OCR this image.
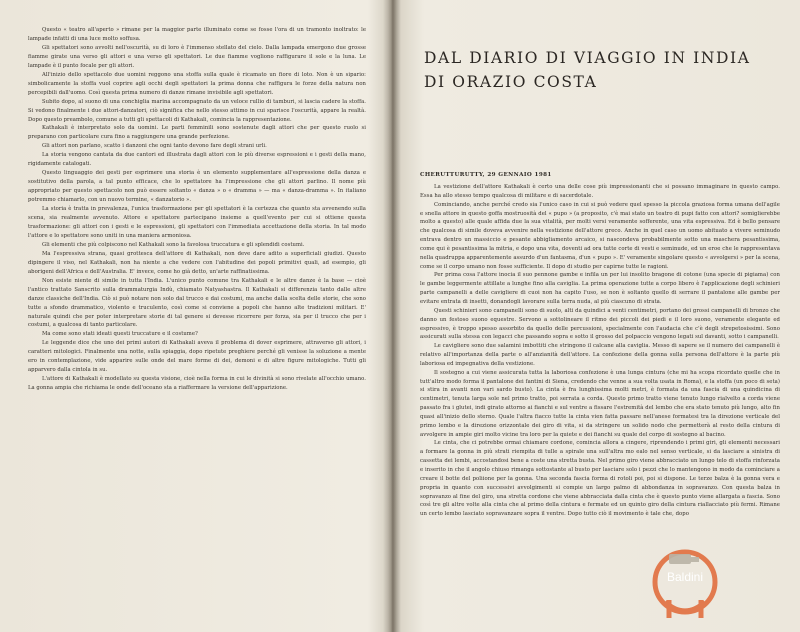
Questo « teatro all'aperto » rimane per la maggior parte illuminato come se fosse l'ora di un tramonto inoltrato: le lampade infatti di una luce molto soffusa.

Gli spettatori sono avvolti nell'oscurità, su di loro è l'immenso stellato del cielo. Dalla lampada emergono due grosse fiamme girate una verso gli attori e una verso gli spettatori. Le due fiamme vogliono raffigurare il sole e la luna. Le lampade è il punto focale per gli attori.

All'inizio dello spettacolo due uomini reggono una stoffa sulla quale è ricamato un fiore di loto. Non è un sipario: simbolicamente la stoffa vuol coprire agli occhi degli spettatori la prima donna che raffigura le forze della natura non percepibili dall'uomo. Così questa prima numero di danze rimane invisibile agli spettatori.

Subito dopo, al suono di una conchiglia marina accompagnato da un veloce rullio di tamburi, si lascia cadere la stoffa. Si vedono finalmente i due attori-danzatori, ciò significa che nello stesso attimo in cui sparisce l'oscurità, appare la realtà. Dopo questo preambolo, comune a tutti gli spettacoli di Kathakali, comincia la rappresentazione.

Kathakali è interpretato solo da uomini. Le parti femminili sono sostenute dagli attori che per questo ruolo si preparano con particolare cura fino a raggiungere una grande perfezione.

Gli attori non parlano, scatto i danzoni che ogni tanto devono fare degli strani urli.

La storia vengono cantata da due cantori ed illustrata dagli attori con le più diverse espressioni e i gesti della mano, rigidamente catalogati.

Questo linguaggio dei gesti per esprimere una storia è un elemento supplementare all'espressione della danza e sostitutivo della parola, a tal punto efficace, che lo spettatore ha l'impressione che gli attori parlino. Il nome più appropriato per questo spettacolo non può essere soltanto « danza » o « dramma » — ma « danza-dramma ». In italiano potremmo chiamarlo, con un nuovo termine, « danzatorio ».

La storia è tratta in prevalenza, l'unica trasformazione per gli spettatori è la certezza che quanto sta avvenendo sulla scena, sia realmente avvenuto. Attore e spettatore partecipano insieme a quell'evento per cui si ottiene questa trasformazione: gli attori con i gesti e le espressioni, gli spettatori con l'immediata accettazione della storia. In tal modo l'attore e lo spettatore sono uniti in una maniera armoniosa.

Gli elementi che più colpiscono nel Kathakali sono la favolosa truccatura e gli splendidi costumi.

Ma l'espressiva strana, quasi grottesca dell'attore di Kathakali, non deve dare adito a superficiali giudizi. Questo dipingere il viso, nel Kathakali, non ha niente a che vedere con l'abitudine dei popoli primitivi quali, ad esempio, gli aborigeni dell'Africa e dell'Australia. E' invece, come ho già detto, un'arte raffinatissima.

Non esiste niente di simile in tutta l'India. L'unico punto comune tra Kathakali e le altre danze è la base — cioè l'antico trattato Sanscrito sulla drammaturgia Indù, chiamato Natyashastra. Il Kathakali si differenzia tanto dalle altre danze classiche dell'India. Ciò si può notare non solo dal trucco e dai costumi, ma anche dalla scelta delle storie, che sono tutte a sfondo drammatico, violento e truculento, così come si conviene a popoli che hanno alte tradizioni militari. E' naturale quindi che per poter interpretare storie di tal genere si devesse ricorrere per forza, sia per il trucco che per i costumi, a qualcosa di tanto particolare.

Ma come sono stati ideati questi truccature e il costume?

Le leggende dice che uno dei primi autori di Kathakali aveva il problema di dover esprimere, attraverso gli attori, i caratteri mitologici. Finalmente una notte, sulla spiaggia, dopo ripetute preghiere perché gli venisse la soluzione a mente ero in contemplazione, vide apparire sulle onde del mare forme di dei, demoni e di altre figure mitologiche. Tutti gli apparvero dalla cintola in su.

L'attore di Kathakali è modellato su questa visione, cioè nella forma in cui le divinità si sono rivelate all'occhio umano. La gonna ampia che richiama le onde dell'oceano sta a riaffermare la versione dell'apparizione.

DAL DIARIO DI VIAGGIO IN INDIA
DI ORAZIO COSTA
CHERUTTURUTTY, 29 GENNAIO 1981

La vestizione dell'attore Kathakali è certo una delle cose più impressionanti che si possano immaginare in questo campo. Essa ha allo stesso tempo qualcosa di militare e di sacerdotale.

Cominciando, anche perché credo sia l'unico caso in cui si può vedere quel spesso la piccola graziosa forma umana dell'agile e snella attore in questo goffa mostruosità del « pupo » (a proposito, c'è mai stato un teatro di pupi fatto con attori? somiglierebbe molto a questo) alle quale affida due la sua vitalità, per molti versi veramente sofferente, una vita espressiva. Ed è bello pensare che qualcosa di simile doveva avvenire nella vestizione dell'attore greco. Anche in quel caso un uomo abituato a vivere seminudo entrava dentro un massiccio e pesante abbigliamento arcaico, si nascondeva probabilmente sotto una maschera pesantissima, come qui è pesantissima la mitria, e dopo una vita, doventi ad ora tutte corte di vesti e seminude, ed un eroe che le rappresentava nella quadruppa apparentemente assurdo d'un fantasma, d'un « pupo ». E' veramente singolare questo « avvolgersi » per la scena, come se il corpo umano non fosse sufficiente. Il dopo di studio per capirne tutte le ragioni.

Per prima cosa l'attore inocia il suo pennone gambe e infila un per lui insolito bragone di cotone (una specie di pigiama) con le gambe leggermente attillate a lunghe fino alla caviglia. La prima operazione tutte a corpo libero è l'applicazione degli schinieri parte campanelli a delle cavigliere di cuoi non ha capito l'uso, se non è soltanto quello di serrare il pantalone alle gambe per evitare entrata di insetti, donandogli lavorare sulla terra nuda, al più ciascuno di strata.

Questi schinieri sono campanelli sono di suolo, alti da quindici a venti centimetri, portano dei grossi campanelli di bronzo che danno un festoso suono equestre. Servono a sottolineare il ritmo dei piccoli dei piedi e il loro suono, veramente elegante ed espressivo, è troppo spesso assorbito da quello delle percussioni, specialmente con l'audacia che c'è degli strepetosissimi. Sono assicurati sulla stessa con legacci che passando sopra e sotto il grosso del polpaccio vengono legati sul davanti, sotto i campanelli.

Le cavigliere sono due salamini imbottiti che stringono il calcane alla caviglia. Messo di sapere se il numero dei campanelli è relativo all'importanza della parte o all'anzianità dell'attore. La confezione della gonna sulla persona dell'attore è la parte più laboriosa ed impegnativa della vestizione.

Il sostegno a cui viene assicurata tutta la laboriosa confezione è una lunga cintura (che mi ha scopa ricordato quelle che in tutt'altro modo forma il pantalone dei fantini di Siena, credendo che venne a sua volta usata in Roma), e la stoffa (un poco di seta) si stira in avanti non vari sardo busto). La cinta è fra lunghissima molti metri, è formata da una fascia di una quindicina di centimetri, tenuta larga sole nel primo tratto, poi serrata a corda. Questo primo tratto viene tenuto lungo rialvelto a corda viene passato fra i glutei, indi girato attorno ai fianchi e sul ventre a fissare l'estremità del lembo che era stato tenuto più lungo, alto fin quasi all'inizio dello sterno. Quale l'altra fiacco tutte la cinta vien fatta passare nell'anese formatesi tra la direzione verticale del primo lembo e la direzione orizzontale dei giro di vita, si da stringere un solido nodo che permetterà al resto della cintura di avvolgere in ampie giri molto vicine tra loro per la quiete e dei fianchi su quale del corpo di sostegno al bacino.

Le cinta, che ci potrebbe ormai chiamare cordone, comincia allora a cingere, riprendendo i primi giri, gli elementi necessari a formare la gonna in più strati riempita di tulle a spirale una sull'altra mo ealo nel senso verticale, si da lasciare a sinistra di cassetta dei lembi, accostandosi bene a coste una stretta busta. Nel primo giro viene abbracciato un lungo telo di stoffa rinforzata e inserito in che il angolo chiuso rimanga sottostante al busto per lasciare solo i pezzi che lo mantengono in modo da cominciare a creare il botte del poliione per la gonna. Una seconda fascia forma di rotoli poi, poi si dispone. Le terze balza è la gonna vera e propria in quanto con successivi avvolgimenti si compie un largo palmo di abbondanza in sopravanzo. Con questa balza in sopravanzo al fine del giro, una stretta cordone che viene abbracciata dalla cinta che è questo punto viene allargata a fascia. Sono così tre gli altre volte alla cinta che al primo della cintura e fermate ed un quinto giro della cintura riallacciato più fermi. Rimane un certo lembo lasciato sopravanzare sopra il ventre. Dopo tutto ciò il movimento è tale che, dopo

Baldini
